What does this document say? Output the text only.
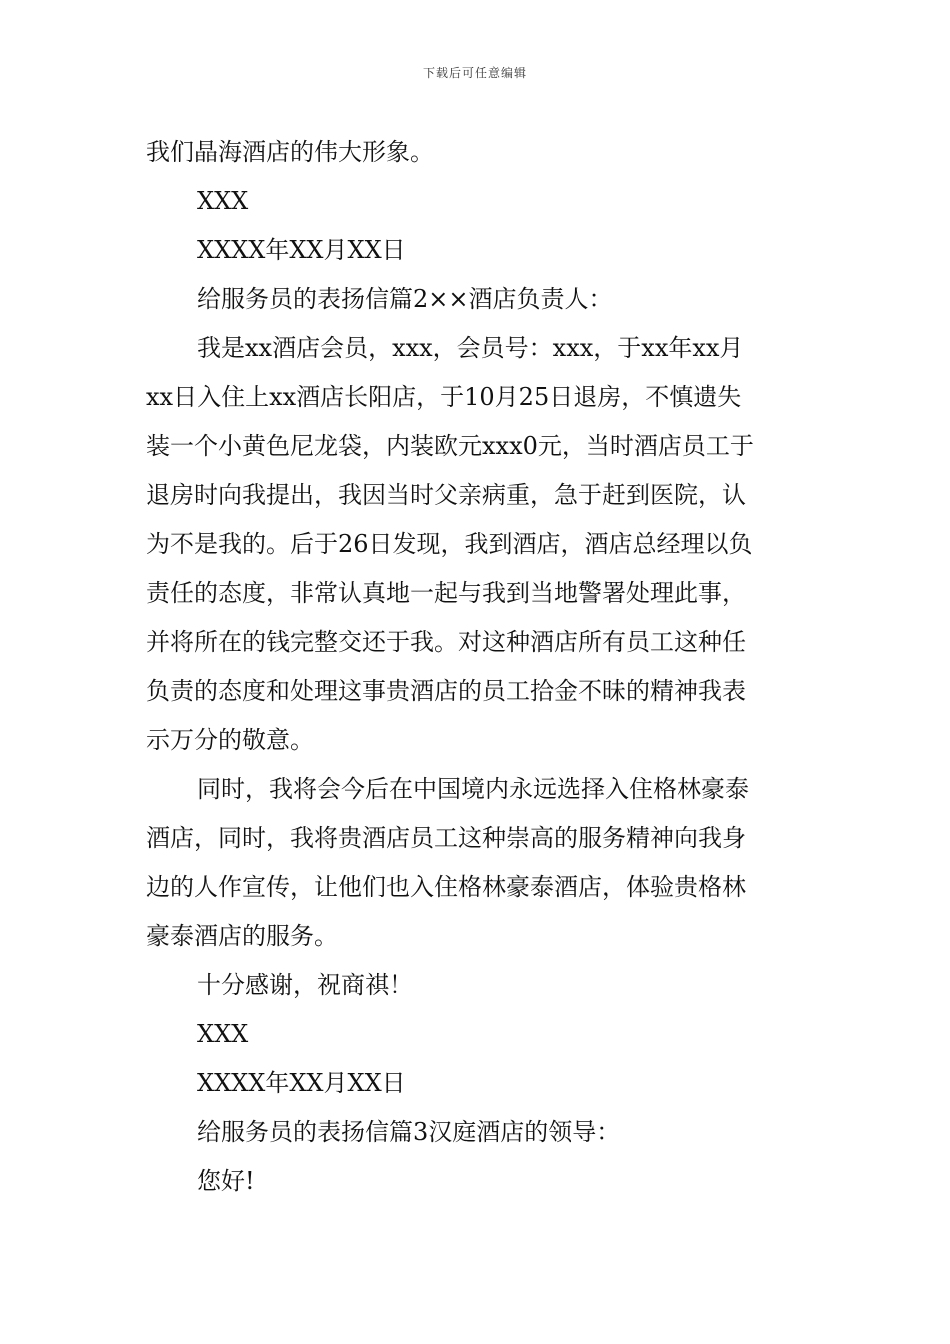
下载后可任意编辑
我们晶海酒店的伟大形象。
XXX
XXXX年XX月XX日
给服务员的表扬信篇2××酒店负责人：
我是xx酒店会员，xxx，会员号：xxx，于xx年xx月
xx日入住上xx酒店长阳店，于10月25日退房，不慎遗失
装一个小黄色尼龙袋，内装欧元xxx0元，当时酒店员工于
退房时向我提出，我因当时父亲病重，急于赶到医院，认
为不是我的。后于26日发现，我到酒店，酒店总经理以负
责任的态度，非常认真地一起与我到当地警署处理此事，
并将所在的钱完整交还于我。对这种酒店所有员工这种任
负责的态度和处理这事贵酒店的员工拾金不昧的精神我表
示万分的敬意。
同时，我将会今后在中国境内永远选择入住格林豪泰
酒店，同时，我将贵酒店员工这种崇高的服务精神向我身
边的人作宣传，让他们也入住格林豪泰酒店，体验贵格林
豪泰酒店的服务。
十分感谢，祝商祺！
XXX
XXXX年XX月XX日
给服务员的表扬信篇3汉庭酒店的领导：
您好!
